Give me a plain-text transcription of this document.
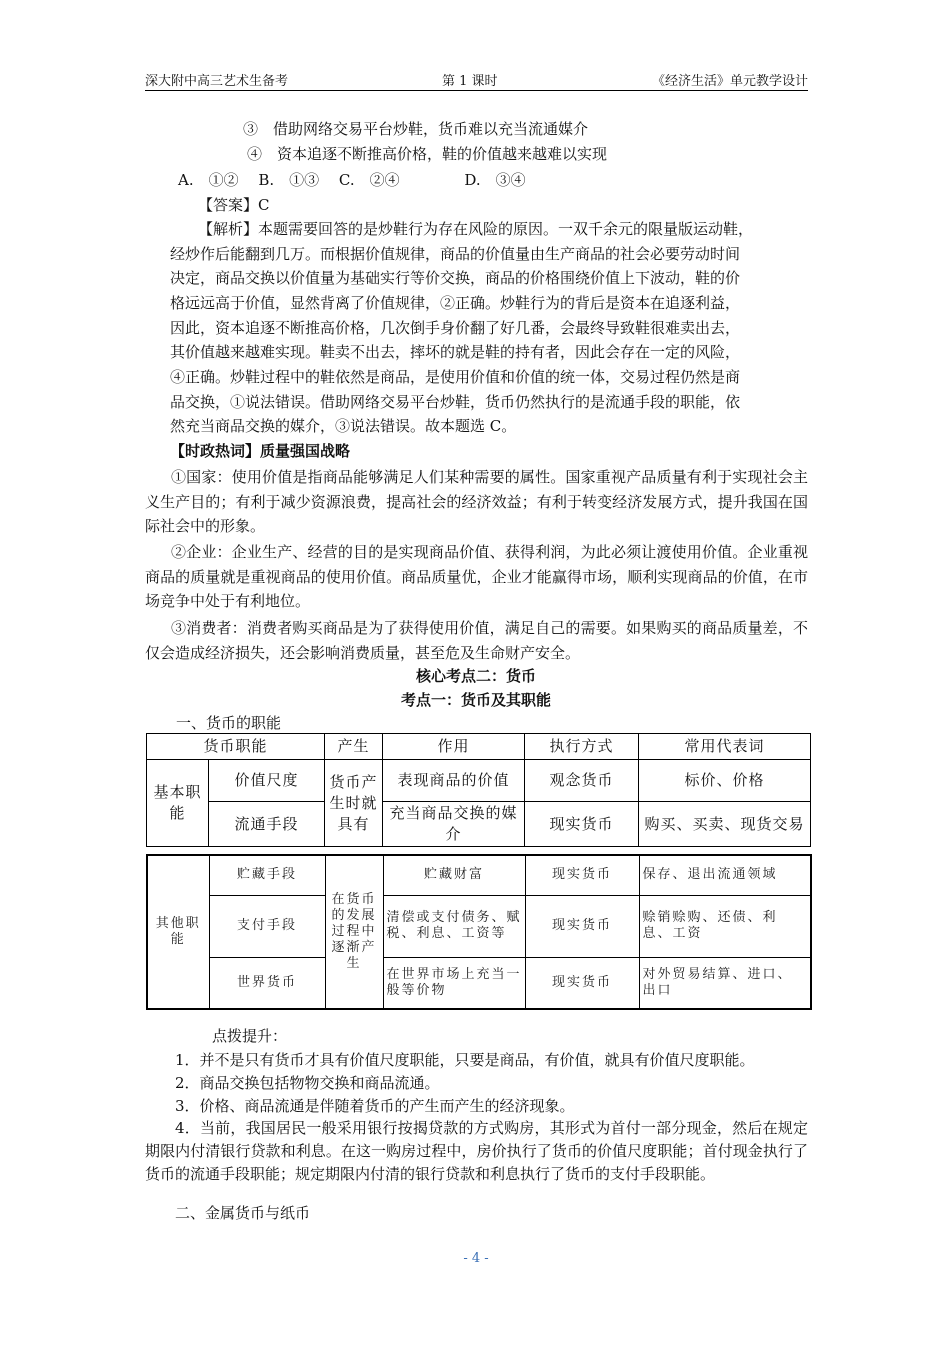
深大附中高三艺术生备考	第 1 课时	《经济生活》单元教学设计
③　借助网络交易平台炒鞋，货币难以充当流通媒介
④　资本追逐不断推高价格，鞋的价值越来越难以实现
A.　①②　 B.　①③　 C.　②④　　　　 D.　③④
【答案】C
【解析】本题需要回答的是炒鞋行为存在风险的原因。一双千余元的限量版运动鞋，
经炒作后能翻到几万。而根据价值规律，商品的价值量由生产商品的社会必要劳动时间
决定，商品交换以价值量为基础实行等价交换，商品的价格围绕价值上下波动，鞋的价
格远远高于价值，显然背离了价值规律，②正确。炒鞋行为的背后是资本在追逐利益，
因此，资本追逐不断推高价格，几次倒手身价翻了好几番，会最终导致鞋很难卖出去，
其价值越来越难实现。鞋卖不出去，摔坏的就是鞋的持有者，因此会存在一定的风险，
④正确。炒鞋过程中的鞋依然是商品，是使用价值和价值的统一体，交易过程仍然是商
品交换，①说法错误。借助网络交易平台炒鞋，货币仍然执行的是流通手段的职能，依
然充当商品交换的媒介，③说法错误。故本题选 C。
【时政热词】质量强国战略
①国家：使用价值是指商品能够满足人们某种需要的属性。国家重视产品质量有利于实现社会主义生产目的；有利于减少资源浪费，提高社会的经济效益；有利于转变经济发展方式，提升我国在国际社会中的形象。
②企业：企业生产、经营的目的是实现商品价值、获得利润，为此必须让渡使用价值。企业重视商品的质量就是重视商品的使用价值。商品质量优，企业才能赢得市场，顺利实现商品的价值，在市场竞争中处于有利地位。
③消费者：消费者购买商品是为了获得使用价值，满足自己的需要。如果购买的商品质量差，不仅会造成经济损失，还会影响消费质量，甚至危及生命财产安全。
核心考点二：货币
考点一：货币及其职能
一、货币的职能
货币职能		产生	作用	执行方式	常用代表词
基本职能	价值尺度	货币产生时就具有	表现商品的价值	观念货币	标价、价格
	流通手段		充当商品交换的媒介	现实货币	购买、买卖、现货交易
其他职能	贮藏手段	在货币的发展过程中逐渐产生	贮藏财富	现实货币	保存、退出流通领域
	支付手段		清偿或支付债务、赋税、利息、工资等	现实货币	赊销赊购、还债、利息、工资
	世界货币		在世界市场上充当一般等价物	现实货币	对外贸易结算、进口、出口
点拨提升：
1．并不是只有货币才具有价值尺度职能，只要是商品，有价值，就具有价值尺度职能。
2．商品交换包括物物交换和商品流通。
3．价格、商品流通是伴随着货币的产生而产生的经济现象。
4．当前，我国居民一般采用银行按揭贷款的方式购房，其形式为首付一部分现金，然后在规定期限内付清银行贷款和利息。在这一购房过程中，房价执行了货币的价值尺度职能；首付现金执行了货币的流通手段职能；规定期限内付清的银行贷款和利息执行了货币的支付手段职能。
二、金属货币与纸币
- 4 -
